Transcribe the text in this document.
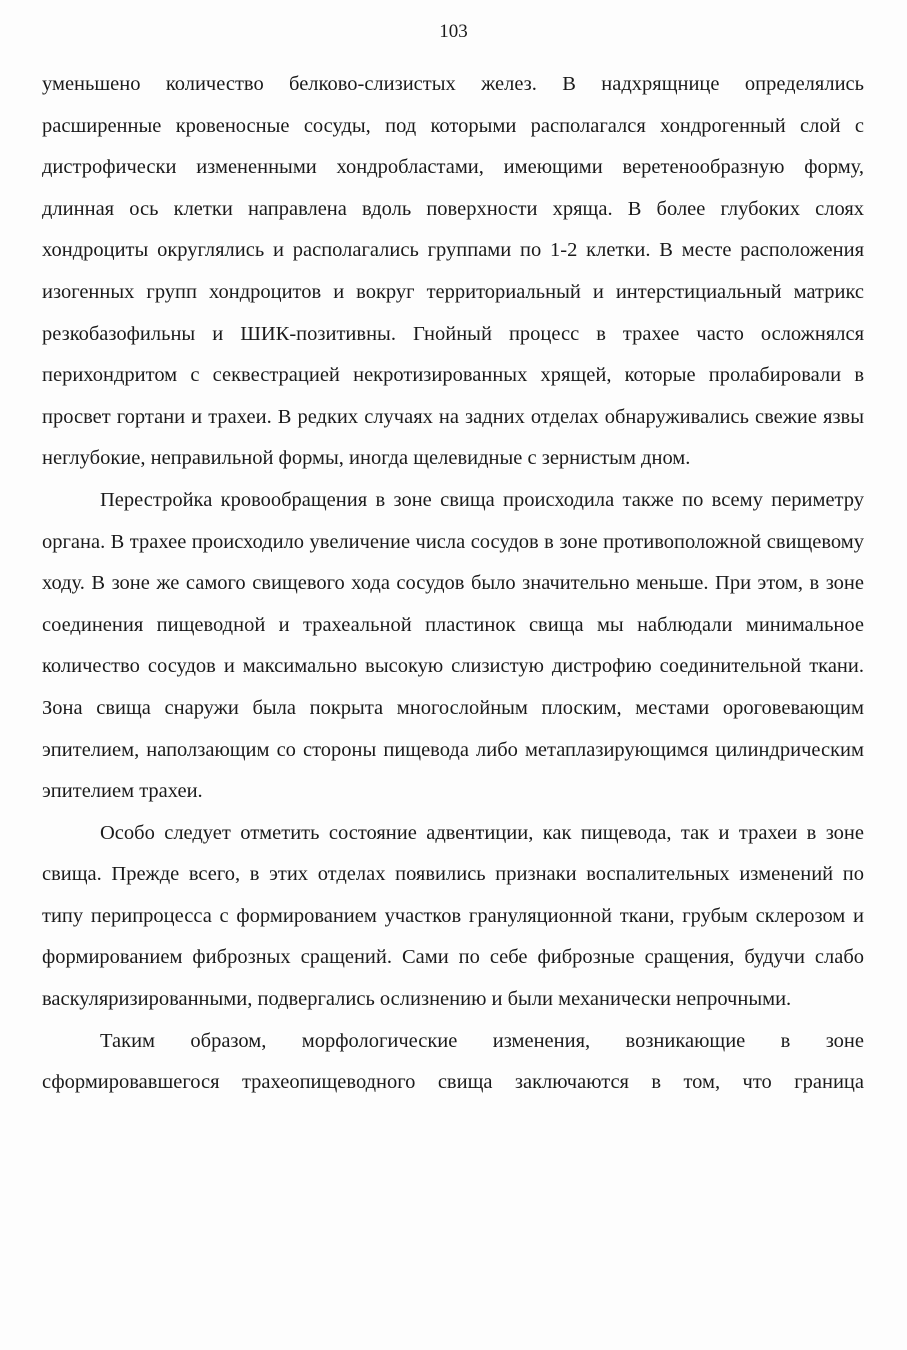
103

уменьшено количество белково-слизистых желез. В надхрящнице определялись расширенные кровеносные сосуды, под которыми располагался хондрогенный слой с дистрофически измененными хондробластами, имеющими веретенообразную форму, длинная ось клетки направлена вдоль поверхности хряща. В более глубоких слоях хондроциты округлялись и располагались группами по 1-2 клетки. В месте расположения изогенных групп хондроцитов и вокруг территориальный и интерстициальный матрикс резкобазофильны и ШИК-позитивны. Гнойный процесс в трахее часто осложнялся перихондритом с секвестрацией некротизированных хрящей, которые пролабировали в просвет гортани и трахеи. В редких случаях на задних отделах обнаруживались свежие язвы неглубокие, неправильной формы, иногда щелевидные с зернистым дном.

Перестройка кровообращения в зоне свища происходила также по всему периметру органа. В трахее происходило увеличение числа сосудов в зоне противоположной свищевому ходу. В зоне же самого свищевого хода сосудов было значительно меньше. При этом, в зоне соединения пищеводной и трахеальной пластинок свища мы наблюдали минимальное количество сосудов и максимально высокую слизистую дистрофию соединительной ткани. Зона свища снаружи была покрыта многослойным плоским, местами ороговевающим эпителием, наползающим со стороны пищевода либо метаплазирующимся цилиндрическим эпителием трахеи.

Особо следует отметить состояние адвентиции, как пищевода, так и трахеи в зоне свища. Прежде всего, в этих отделах появились признаки воспалительных изменений по типу перипроцесса с формированием участков грануляционной ткани, грубым склерозом и формированием фиброзных сращений. Сами по себе фиброзные сращения, будучи слабо васкуляризированными, подвергались ослизнению и были механически непрочными.

Таким образом, морфологические изменения, возникающие в зоне сформировавшегося трахеопищеводного свища заключаются в том, что граница
